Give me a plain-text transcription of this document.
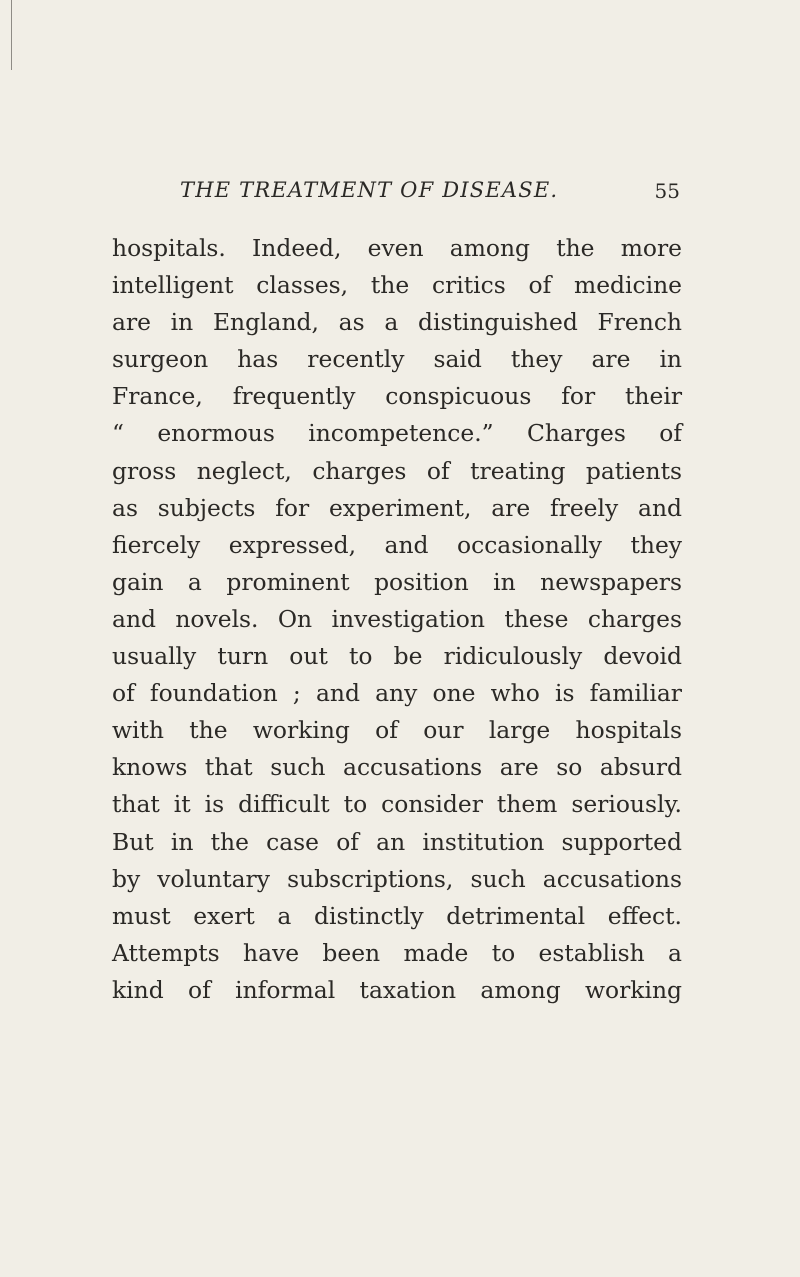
THE TREATMENT OF DISEASE.	55
hospitals. Indeed, even among the more
intelligent classes, the critics of medicine
are in England, as a distinguished French
surgeon has recently said they are in
France, frequently conspicuous for their
“ enormous incompetence.” Charges of
gross neglect, charges of treating patients
as subjects for experiment, are freely and
fiercely expressed, and occasionally they
gain a prominent position in newspapers
and novels. On investigation these charges
usually turn out to be ridiculously devoid
of foundation ; and any one who is familiar
with the working of our large hospitals
knows that such accusations are so absurd
that it is difficult to consider them seriously.
But in the case of an institution supported
by voluntary subscriptions, such accusations
must exert a distinctly detrimental effect.
Attempts have been made to establish a
kind of informal taxation among working
